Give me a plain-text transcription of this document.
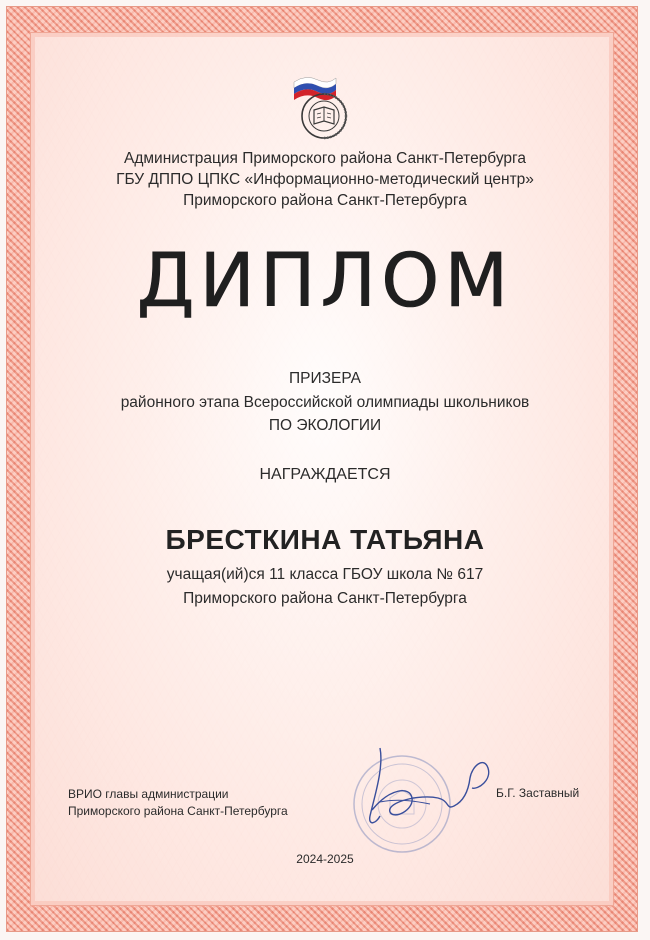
Администрация Приморского района Санкт-Петербурга
ГБУ ДППО ЦПКС «Информационно-методический центр»
Приморского района Санкт-Петербурга
ДИПЛОМ
ПРИЗЕРА
районного этапа Всероссийской олимпиады школьников
ПО ЭКОЛОГИИ
НАГРАЖДАЕТСЯ
БРЕСТКИНА ТАТЬЯНА
учащая(ий)ся 11 класса ГБОУ школа № 617
Приморского района Санкт-Петербурга
ВРИО главы администрации
Приморского района Санкт-Петербурга
Б.Г. Заставный
2024-2025
